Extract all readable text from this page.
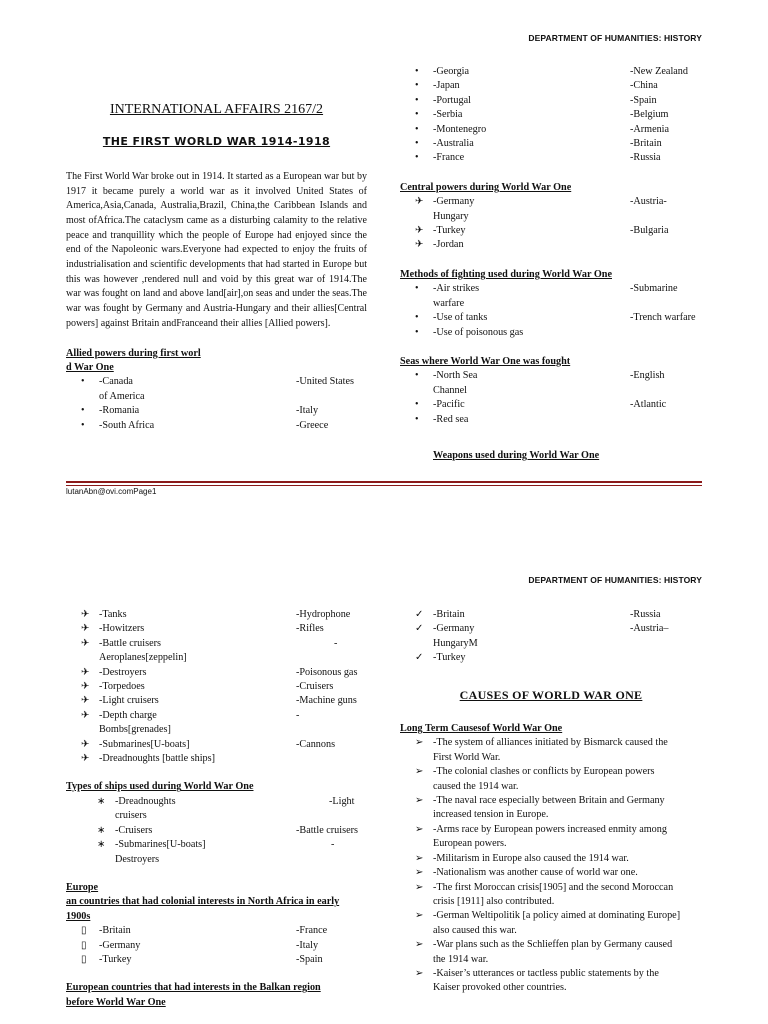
DEPARTMENT OF HUMANITIES: HISTORY
INTERNATIONAL AFFAIRS 2167/2
THE FIRST WORLD WAR 1914-1918

The First World War broke out in 1914. It started as a European war but by 1917 it became purely a world war as it involved United States of America,Asia,Canada, Australia,Brazil, China,the Caribbean Islands and most ofAfrica.The cataclysm came as a disturbing calamity to the relative peace and tranquillity which the people of Europe had enjoyed since the end of the Napoleonic wars.Everyone had expected to enjoy the fruits of industrialisation and scientific developments that had started in Europe but this was however ,rendered null and void by this great war of 1914.The war was fought on land and above land[air],on seas and under the seas.The war was fought by Germany and Austria-Hungary and their allies[Central powers] against Britain andFranceand their allies [Allied powers].

Allied powers during first worl
d War One
•	-Canada	-United States
of America
•	-Romania	-Italy
•	-South Africa	-Greece
•	-Georgia	-New Zealand
•	-Japan	-China
•	-Portugal	-Spain
•	-Serbia	-Belgium
•	-Montenegro	-Armenia
•	-Australia	-Britain
•	-France	-Russia
Central powers during World War One
✈ -Germany	-Austria-
Hungary
✈ -Turkey	-Bulgaria
✈ -Jordan
Methods of fighting used during World War One
•	-Air strikes	-Submarine
warfare
•	-Use of tanks	-Trench warfare
•	-Use of poisonous gas
Seas where World War One was fought
•	-North Sea	-English
Channel
•	-Pacific	-Atlantic
•	-Red sea
Weapons used during World War One
lutanAbn@ovi.comPage1
DEPARTMENT OF HUMANITIES: HISTORY
✈ -Tanks	-Hydrophone
✈ -Howitzers	-Rifles
✈ -Battle cruisers	-
Aeroplanes[zeppelin]
✈ -Destroyers	-Poisonous gas
✈ -Torpedoes	-Cruisers
✈ -Light cruisers	-Machine guns
✈ -Depth charge	-
Bombs[grenades]
✈ -Submarines[U-boats]	-Cannons
✈ -Dreadnoughts [battle ships]
Types of ships used during World War One
∗ -Dreadnoughts	-Light
cruisers
∗ -Cruisers	-Battle cruisers
∗ -Submarines[U-boats]	-
Destroyers
Europe
an countries that had colonial interests in North Africa in early
1900s
▯	-Britain	-France
▯	-Germany	-Italy
▯	-Turkey	-Spain
European countries that had interests in the Balkan region
before World War One
✓ -Britain	-Russia
✓ -Germany	-Austria–
HungaryM
✓ -Turkey
CAUSES OF WORLD WAR ONE
Long Term Causesof World War One
➢ -The system of alliances initiated by Bismarck caused the
First World War.
➢ -The colonial clashes or conflicts by European powers
caused the 1914 war.
➢ -The naval race especially between Britain and Germany
increased tension in Europe.
➢ -Arms race by European powers increased enmity among
European powers.
➢ -Militarism in Europe also caused the 1914 war.
➢ -Nationalism was another cause of world war one.
➢ -The first Moroccan crisis[1905] and the second Moroccan
crisis [1911] also contributed.
➢ -German Weltipolitik [a policy aimed at dominating Europe]
also caused this war.
➢ -War plans such as the Schlieffen plan by Germany caused
the 1914 war.
➢ -Kaiser’s utterances or tactless public statements by the
Kaiser provoked other countries.
